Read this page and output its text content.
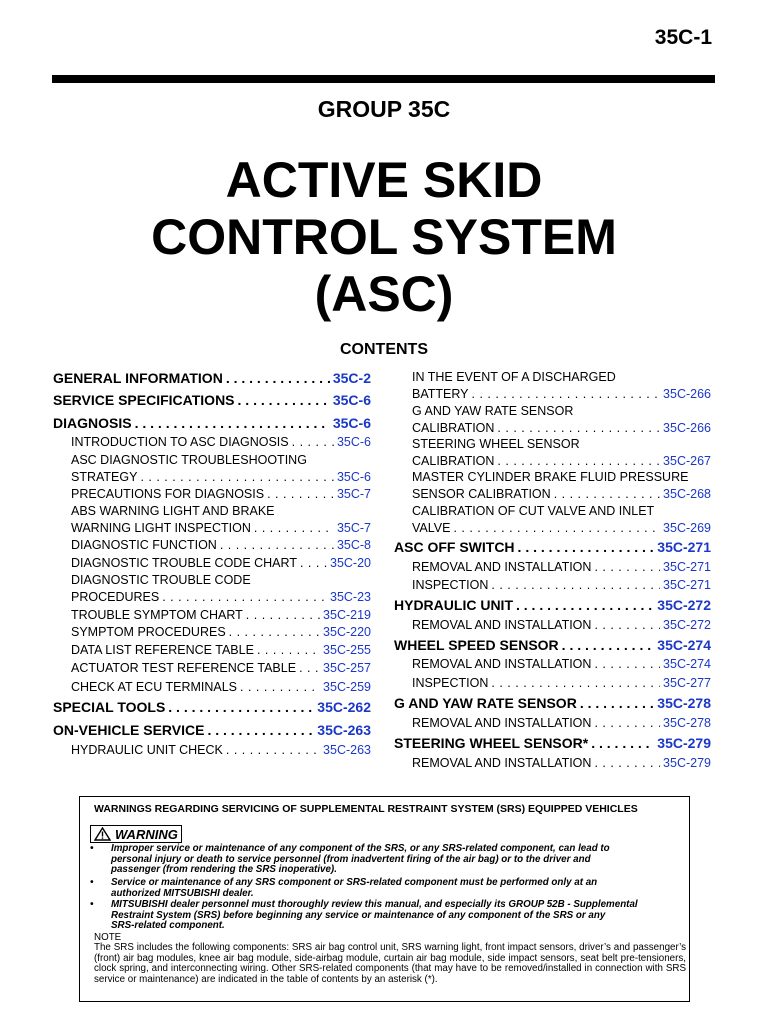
35C-1
GROUP 35C
ACTIVE SKID
CONTROL SYSTEM
(ASC)
CONTENTS
GENERAL INFORMATION . . .	35C-2
SERVICE SPECIFICATIONS . . .	35C-6
DIAGNOSIS . . .	35C-6
INTRODUCTION TO ASC DIAGNOSIS . . .	35C-6
ASC DIAGNOSTIC TROUBLESHOOTING
STRATEGY . . .	35C-6
PRECAUTIONS FOR DIAGNOSIS . . .	35C-7
ABS WARNING LIGHT AND BRAKE
WARNING LIGHT INSPECTION . . .	35C-7
DIAGNOSTIC FUNCTION . . .	35C-8
DIAGNOSTIC TROUBLE CODE CHART . . .	35C-20
DIAGNOSTIC TROUBLE CODE
PROCEDURES . . .	35C-23
TROUBLE SYMPTOM CHART . . .	35C-219
SYMPTOM PROCEDURES . . .	35C-220
DATA LIST REFERENCE TABLE . . .	35C-255
ACTUATOR TEST REFERENCE TABLE . . . 35C-257
CHECK AT ECU TERMINALS . . .	35C-259
SPECIAL TOOLS . . .	35C-262
ON-VEHICLE SERVICE . . .	35C-263
HYDRAULIC UNIT CHECK . . .	35C-263
IN THE EVENT OF A DISCHARGED
BATTERY . . .	35C-266
G AND YAW RATE SENSOR
CALIBRATION . . .	35C-266
STEERING WHEEL SENSOR
CALIBRATION . . .	35C-267
MASTER CYLINDER BRAKE FLUID PRESSURE
SENSOR CALIBRATION . . .	35C-268
CALIBRATION OF CUT VALVE AND INLET
VALVE . . .	35C-269
ASC OFF SWITCH . . .	35C-271
REMOVAL AND INSTALLATION . . .	35C-271
INSPECTION . . .	35C-271
HYDRAULIC UNIT . . .	35C-272
REMOVAL AND INSTALLATION . . .	35C-272
WHEEL SPEED SENSOR . . .	35C-274
REMOVAL AND INSTALLATION . . .	35C-274
INSPECTION . . .	35C-277
G AND YAW RATE SENSOR . . .	35C-278
REMOVAL AND INSTALLATION . . .	35C-278
STEERING WHEEL SENSOR* . . .	35C-279
REMOVAL AND INSTALLATION . . .	35C-279
WARNINGS REGARDING SERVICING OF SUPPLEMENTAL RESTRAINT SYSTEM (SRS) EQUIPPED VEHICLES
WARNING
• Improper service or maintenance of any component of the SRS, or any SRS-related component, can lead to
personal injury or death to service personnel (from inadvertent firing of the air bag) or to the driver and
passenger (from rendering the SRS inoperative).
• Service or maintenance of any SRS component or SRS-related component must be performed only at an
authorized MITSUBISHI dealer.
• MITSUBISHI dealer personnel must thoroughly review this manual, and especially its GROUP 52B - Supplemental
Restraint System (SRS) before beginning any service or maintenance of any component of the SRS or any
SRS-related component.
NOTE
The SRS includes the following components: SRS air bag control unit, SRS warning light, front impact sensors, driver’s and passenger’s (front) air bag modules, knee air bag module, side-airbag module, curtain air bag module, side impact sensors, seat belt pre-tensioners, clock spring, and interconnecting wiring. Other SRS-related components (that may have to be removed/installed in connection with SRS service or maintenance) are indicated in the table of contents by an asterisk (*).
